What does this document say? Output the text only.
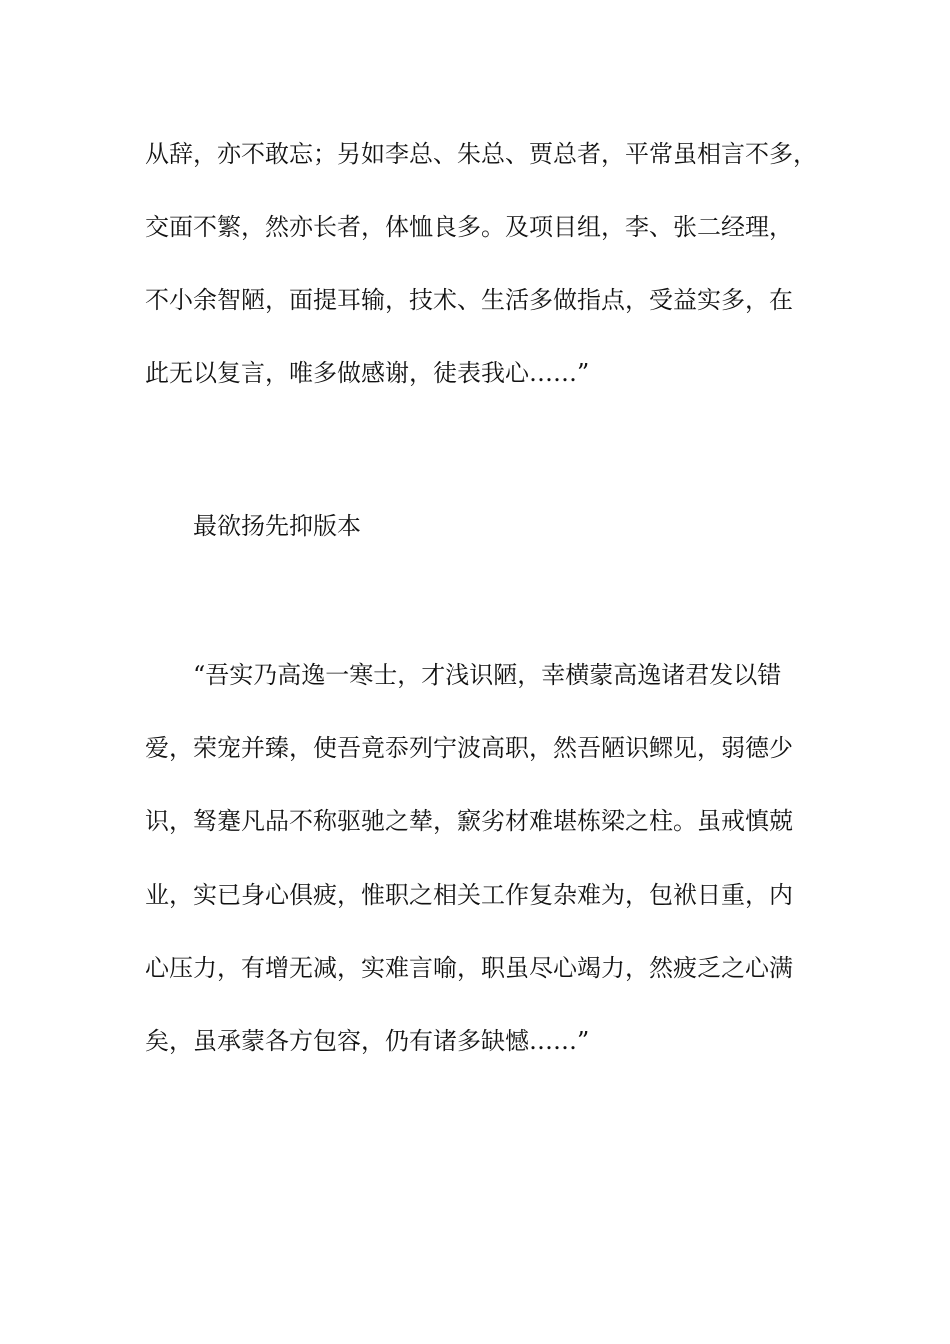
从辞，亦不敢忘；另如李总、朱总、贾总者，平常虽相言不多，

交面不繁，然亦长者，体恤良多。及项目组，李、张二经理，

不小余智陋，面提耳输，技术、生活多做指点，受益实多，在

此无以复言，唯多做感谢，徒表我心……”

最欲扬先抑版本

“吾实乃高逸一寒士，才浅识陋，幸横蒙高逸诸君发以错

爱，荣宠并臻，使吾竟忝列宁波高职，然吾陋识鳏见，弱德少

识，驽蹇凡品不称驱驰之辇，窾劣材难堪栋梁之柱。虽戒慎兢

业，实已身心俱疲，惟职之相关工作复杂难为，包袱日重，内

心压力，有增无减，实难言喻，职虽尽心竭力，然疲乏之心满

矣，虽承蒙各方包容，仍有诸多缺憾……”
